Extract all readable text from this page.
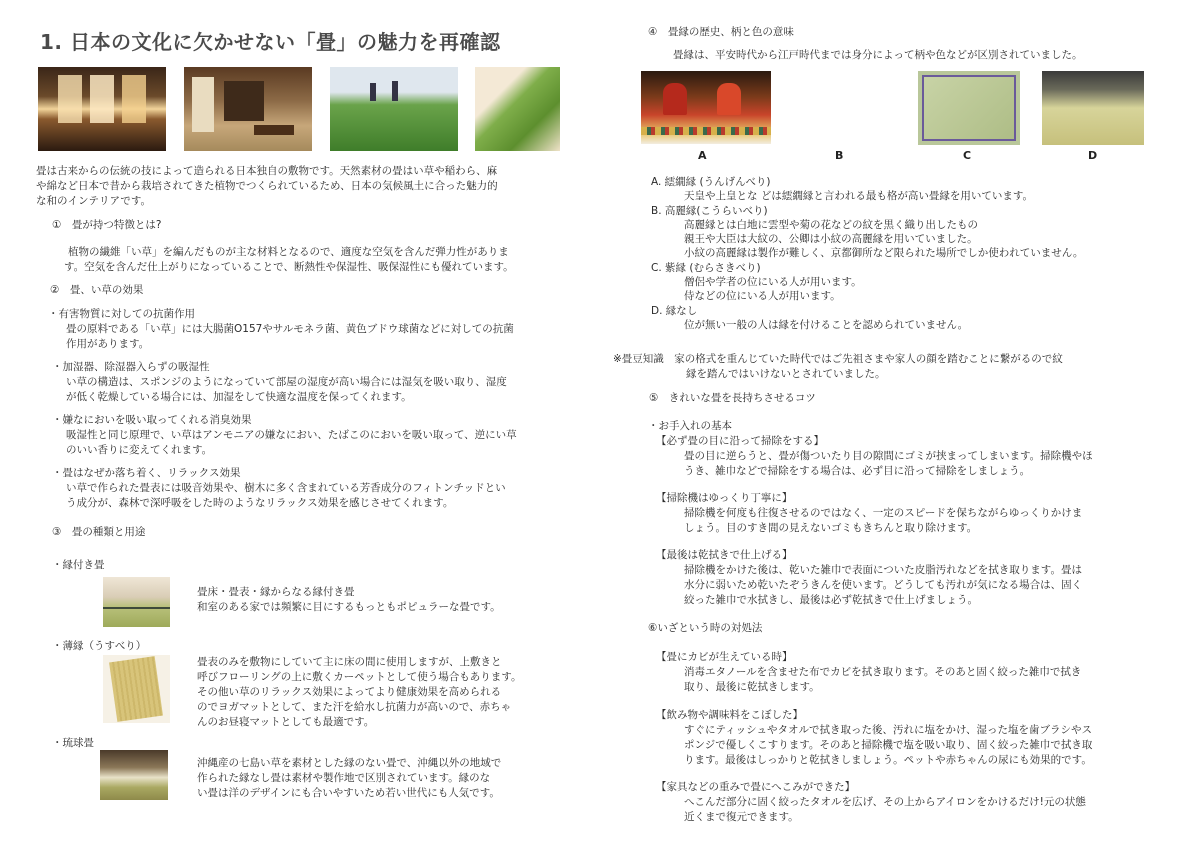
1. 日本の文化に欠かせない「畳」の魅力を再確認
畳は古来からの伝統の技によって造られる日本独自の敷物です。天然素材の畳はい草や稲わら、麻
や綿など日本で昔から栽培されてきた植物でつくられているため、日本の気候風土に合った魅力的
な和のインテリアです。
①　畳が持つ特徴とは?
植物の繊維「い草」を編んだものが主な材料となるので、適度な空気を含んだ弾力性がありま
す。空気を含んだ仕上がりになっていることで、断熱性や保湿性、吸保湿性にも優れています。
②　畳、い草の効果
・有害物質に対しての抗菌作用
畳の原料である「い草」には大腸菌O157やサルモネラ菌、黄色ブドウ球菌などに対しての抗菌
作用があります。
・加湿器、除湿器入らずの吸湿性
い草の構造は、スポンジのようになっていて部屋の湿度が高い場合には湿気を吸い取り、湿度
が低く乾燥している場合には、加湿をして快適な温度を保ってくれます。
・嫌なにおいを吸い取ってくれる消臭効果
吸湿性と同じ原理で、い草はアンモニアの嫌なにおい、たばこのにおいを吸い取って、逆にい草
のいい香りに変えてくれます。
・畳はなぜか落ち着く、リラックス効果
い草で作られた畳表には吸音効果や、樹木に多く含まれている芳香成分のフィトンチッドとい
う成分が、森林で深呼吸をした時のようなリラックス効果を感じさせてくれます。
③　畳の種類と用途
・縁付き畳
畳床・畳表・縁からなる縁付き畳
和室のある家では頻繁に目にするもっともポピュラーな畳です。
・薄縁（うすべり）
畳表のみを敷物にしていて主に床の間に使用しますが、上敷きと
呼びフローリングの上に敷くカーペットとして使う場合もあります。
その他い草のリラックス効果によってより健康効果を高められる
のでヨガマットとして、また汗を給水し抗菌力が高いので、赤ちゃ
んのお昼寝マットとしても最適です。
・琉球畳
沖縄産の七島い草を素材とした縁のない畳で、沖縄以外の地域で
作られた縁なし畳は素材や製作地で区別されています。縁のな
い畳は洋のデザインにも合いやすいため若い世代にも人気です。
④　畳縁の歴史、柄と色の意味
畳縁は、平安時代から江戸時代までは身分によって柄や色などが区別されていました。
A	B	C	D
A. 繧繝縁 (うんげんべり)
天皇や上皇とな どは繧繝縁と言われる最も格が高い畳縁を用いています。
B. 高麗縁(こうらいべり)
高麗縁とは白地に雲型や菊の花などの紋を黒く織り出したもの
親王や大臣は大紋の、公卿は小紋の高麗縁を用いていました。
小紋の高麗縁は製作が難しく、京都御所など限られた場所でしか使われていません。
C. 紫縁 (むらさきべり)
僧侶や学者の位にいる人が用います。
侍などの位にいる人が用います。
D. 縁なし
位が無い一般の人は縁を付けることを認められていません。
※畳豆知識　家の格式を重んじていた時代ではご先祖さまや家人の顔を踏むことに繋がるので紋
縁を踏んではいけないとされていました。
⑤　きれいな畳を長持ちさせるコツ
・お手入れの基本
【必ず畳の目に沿って掃除をする】
畳の目に逆らうと、畳が傷ついたり目の隙間にゴミが挟まってしまいます。掃除機やほ
うき、雑巾などで掃除をする場合は、必ず目に沿って掃除をしましょう。
【掃除機はゆっくり丁寧に】
掃除機を何度も往復させるのではなく、一定のスピードを保ちながらゆっくりかけま
しょう。目のすき間の見えないゴミもきちんと取り除けます。
【最後は乾拭きで仕上げる】
掃除機をかけた後は、乾いた雑巾で表面についた皮脂汚れなどを拭き取ります。畳は
水分に弱いため乾いたぞうきんを使います。どうしても汚れが気になる場合は、固く
絞った雑巾で水拭きし、最後は必ず乾拭きで仕上げましょう。
⑥いざという時の対処法
【畳にカビが生えている時】
消毒エタノールを含ませた布でカビを拭き取ります。そのあと固く絞った雑巾で拭き
取り、最後に乾拭きします。
【飲み物や調味料をこぼした】
すぐにティッシュやタオルで拭き取った後、汚れに塩をかけ、湿った塩を歯ブラシやス
ポンジで優しくこすります。そのあと掃除機で塩を吸い取り、固く絞った雑巾で拭き取
ります。最後はしっかりと乾拭きしましょう。ペットや赤ちゃんの尿にも効果的です。
【家具などの重みで畳にへこみができた】
へこんだ部分に固く絞ったタオルを広げ、その上からアイロンをかけるだけ!元の状態
近くまで復元できます。
